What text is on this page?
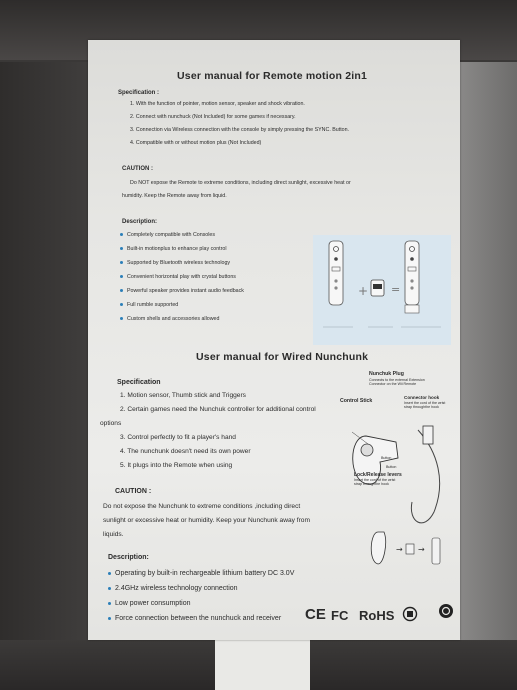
User manual for Remote motion 2in1
Specification :
1. With the function of pointer, motion sensor, speaker and shock vibration.
2. Connect with nunchuck (Not Included) for some games if necessary.
3. Connection via Wireless connection with the console by simply pressing the SYNC. Button.
4. Compatible with or without motion plus (Not Included)
CAUTION :
Do NOT expose the Remote to extreme conditions, including direct sunlight, excessive heat or
humidity. Keep the Remote away from liquid.
Description:
Completely compatible with Consoles
Built-in motionplus to enhance play control
Supported by Bluetooth wireless technology
Convenient horizontal play with crystal buttons
Powerful speaker provides instant audio feedback
Full rumble supported
Custom shells and accessories allowed
+ =
User manual for Wired Nunchunk
Specification
1. Motion sensor, Thumb stick and Triggers
2. Certain games need the Nunchuk controller for additional control
options
3. Control perfectly to fit a player's hand
4. The nunchunk doesn't need its own power
5. It plugs into the Remote when using
→ →
Nunchuk Plug
Connects to the external Extension Connector on the Wii Remote
Control Stick
Connector hook
Insert the cord of the wrist strap throughthe hook
Button
Button
Lock/Release levers
Insert the cord of the wrist strap throughthe hook
CAUTION :
Do not expose the Nunchunk to extreme conditions ,including direct
sunlight or excessive heat or humidity. Keep your Nunchunk away from
liquids.
Description:
Operating by built-in rechargeable lithium battery DC 3.0V
2.4GHz wireless technology connection
Low power consumption
Force connection between the nunchuck and receiver CE FC RoHS
